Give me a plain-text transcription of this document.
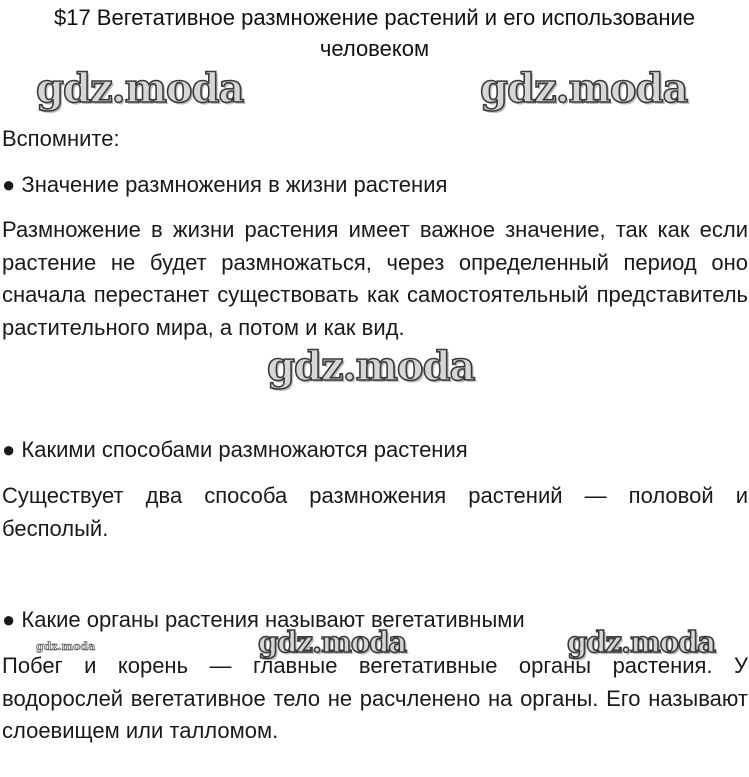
$17 Вегетативное размножение растений и его использование человеком
gdz.moda	gdz.moda
Вспомните:
● Значение размножения в жизни растения
Размножение в жизни растения имеет важное значение, так как если растение не будет размножаться, через определенный период оно сначала перестанет существовать как самостоятельный представитель растительного мира, а потом и как вид.
gdz.moda
● Какими способами размножаются растения
Существует два способа размножения растений — половой и бесполый.
● Какие органы растения называют вегетативными
gdz.moda	gdz.moda	gdz.moda
Побег и корень — главные вегетативные органы растения. У водорослей вегетативное тело не расчленено на органы. Его называют слоевищем или талломом.
